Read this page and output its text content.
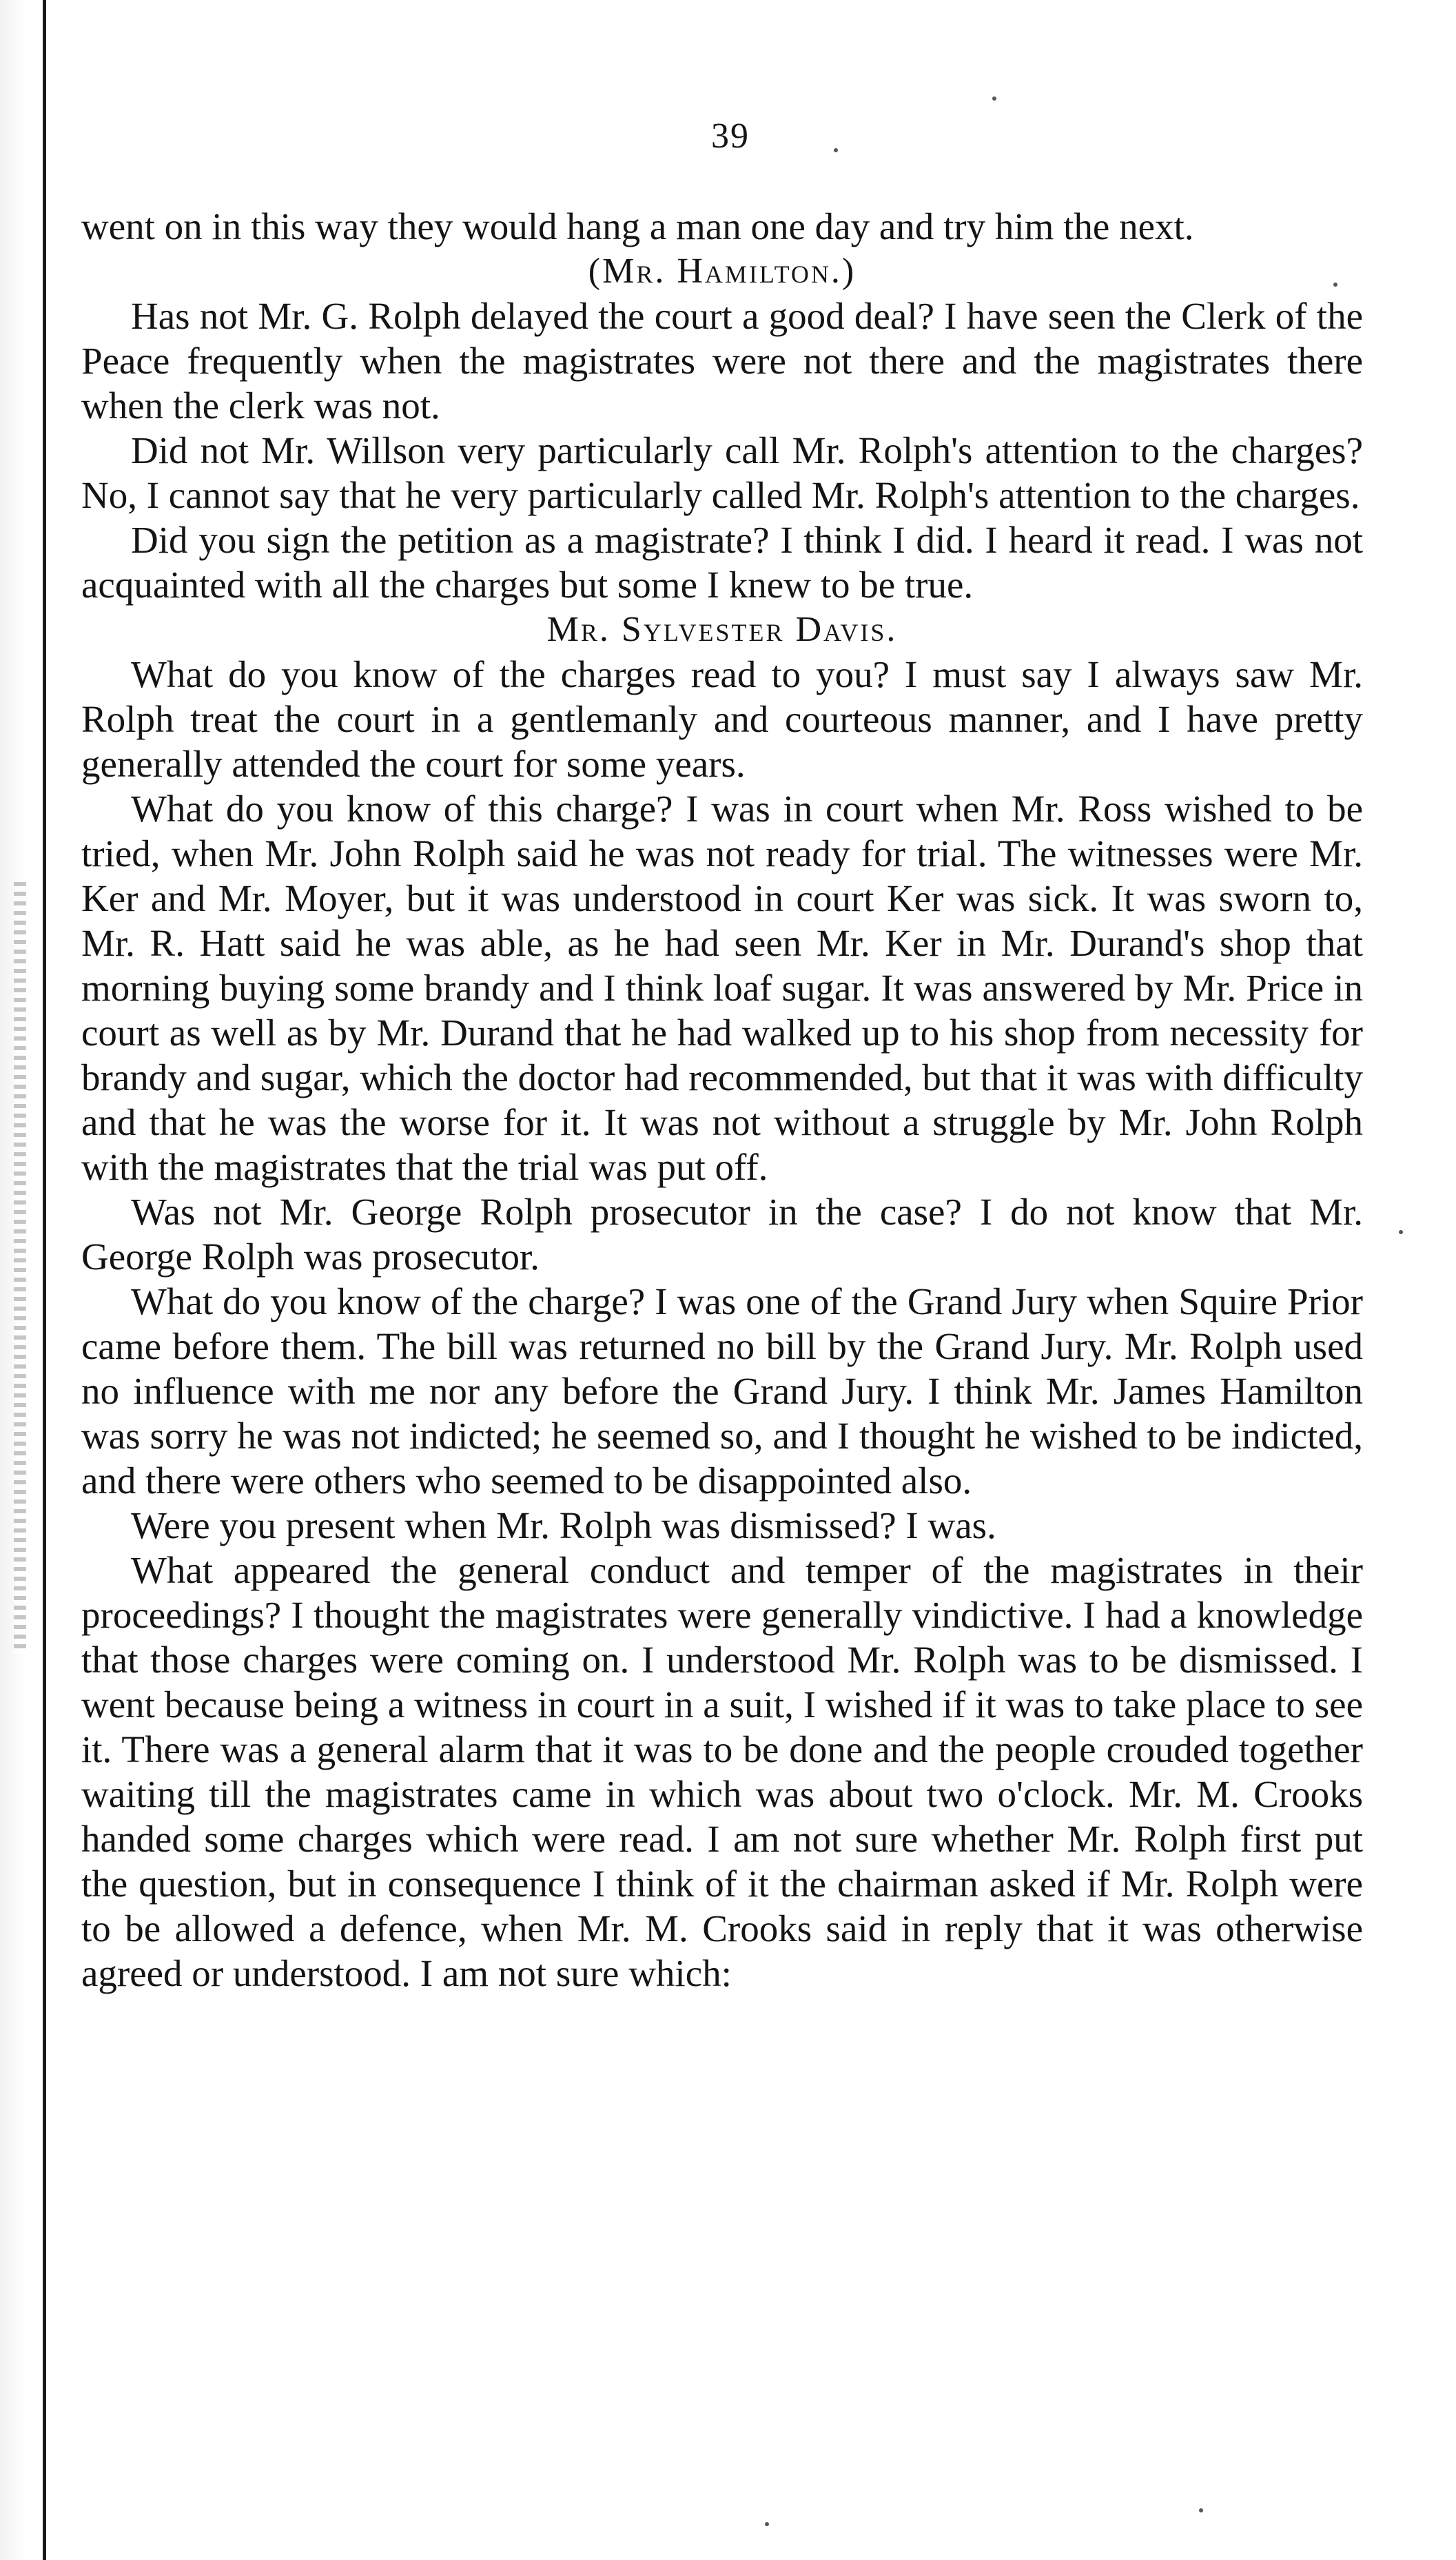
39

went on in this way they would hang a man one day and try him the next.

(Mr. Hamilton.)

Has not Mr. G. Rolph delayed the court a good deal? I have seen the Clerk of the Peace frequently when the magistrates were not there and the magistrates there when the clerk was not.

Did not Mr. Willson very particularly call Mr. Rolph's attention to the charges? No, I cannot say that he very particularly called Mr. Rolph's attention to the charges.

Did you sign the petition as a magistrate? I think I did. I heard it read. I was not acquainted with all the charges but some I knew to be true.

Mr. Sylvester Davis.

What do you know of the charges read to you? I must say I always saw Mr. Rolph treat the court in a gentlemanly and courteous manner, and I have pretty generally attended the court for some years.

What do you know of this charge? I was in court when Mr. Ross wished to be tried, when Mr. John Rolph said he was not ready for trial. The witnesses were Mr. Ker and Mr. Moyer, but it was understood in court Ker was sick. It was sworn to, Mr. R. Hatt said he was able, as he had seen Mr. Ker in Mr. Durand's shop that morning buying some brandy and I think loaf sugar. It was answered by Mr. Price in court as well as by Mr. Durand that he had walked up to his shop from necessity for brandy and sugar, which the doctor had recommended, but that it was with difficulty and that he was the worse for it. It was not without a struggle by Mr. John Rolph with the magistrates that the trial was put off.

Was not Mr. George Rolph prosecutor in the case? I do not know that Mr. George Rolph was prosecutor.

What do you know of the charge? I was one of the Grand Jury when Squire Prior came before them. The bill was returned no bill by the Grand Jury. Mr. Rolph used no influence with me nor any before the Grand Jury. I think Mr. James Hamilton was sorry he was not indicted; he seemed so, and I thought he wished to be indicted, and there were others who seemed to be disappointed also.

Were you present when Mr. Rolph was dismissed? I was.

What appeared the general conduct and temper of the magistrates in their proceedings? I thought the magistrates were generally vindictive. I had a knowledge that those charges were coming on. I understood Mr. Rolph was to be dismissed. I went because being a witness in court in a suit, I wished if it was to take place to see it. There was a general alarm that it was to be done and the people crouded together waiting till the magistrates came in which was about two o'clock. Mr. M. Crooks handed some charges which were read. I am not sure whether Mr. Rolph first put the question, but in consequence I think of it the chairman asked if Mr. Rolph were to be allowed a defence, when Mr. M. Crooks said in reply that it was otherwise agreed or understood. I am not sure which:
